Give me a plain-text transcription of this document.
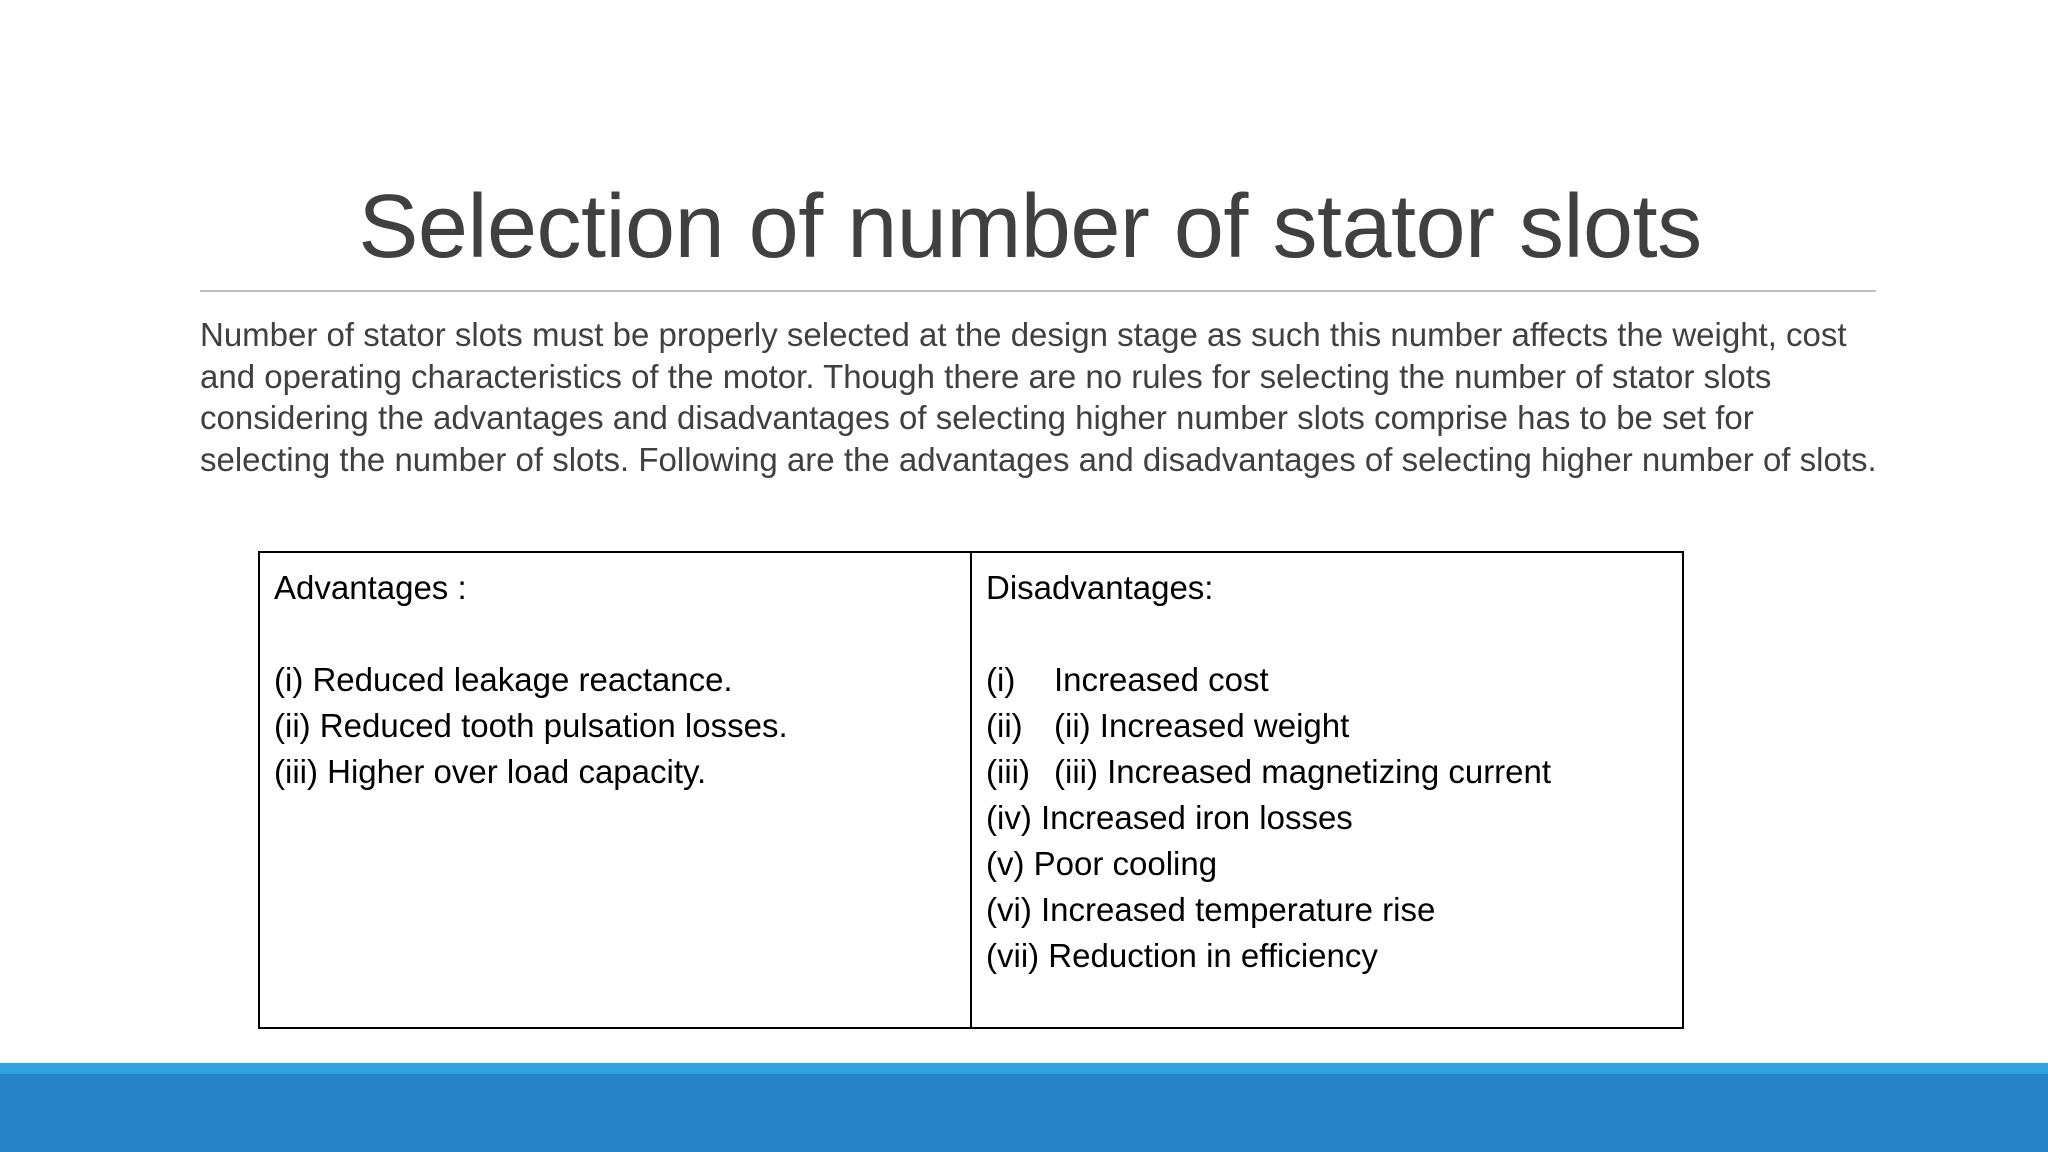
Selection of number of stator slots

Number of stator slots must be properly selected at the design stage as such this number affects the weight, cost and operating characteristics of the motor. Though there are no rules for selecting the number of stator slots considering the advantages and disadvantages of selecting higher number slots comprise has to be set for selecting the number of slots. Following are the advantages and disadvantages of selecting higher number of slots.

Advantages :

(i) Reduced leakage reactance.
(ii) Reduced tooth pulsation losses.
(iii) Higher over load capacity.

Disadvantages:

(i) Increased cost
(ii) (ii) Increased weight
(iii) (iii) Increased magnetizing current
(iv) Increased iron losses
(v) Poor cooling
(vi) Increased temperature rise
(vii) Reduction in efficiency
